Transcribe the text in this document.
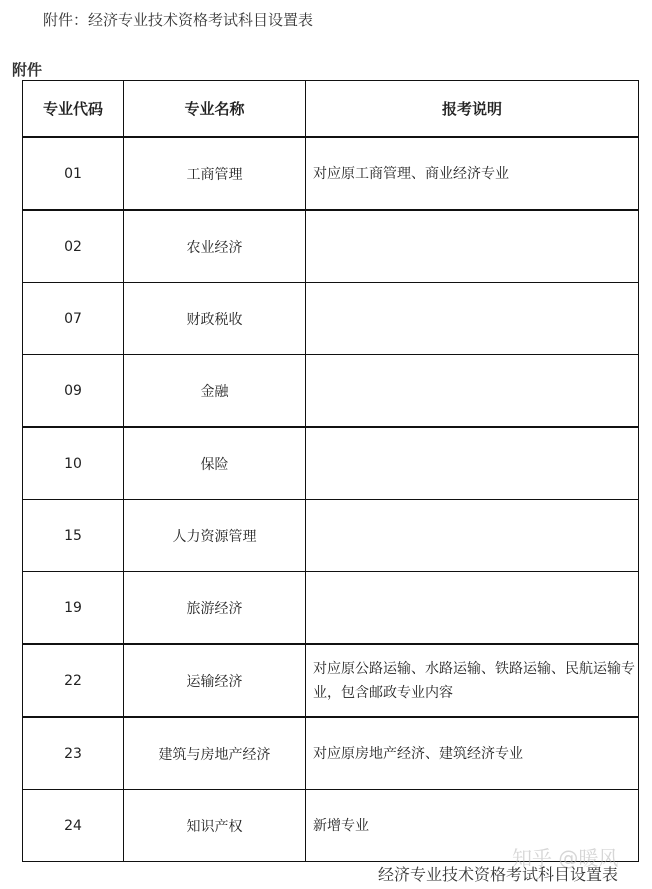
附件：经济专业技术资格考试科目设置表
附件
专业代码	专业名称	报考说明
01	工商管理	对应原工商管理、商业经济专业
02	农业经济	
07	财政税收	
09	金融	
10	保险	
15	人力资源管理	
19	旅游经济	
22	运输经济	对应原公路运输、水路运输、铁路运输、民航运输专业，包含邮政专业内容
23	建筑与房地产经济	对应原房地产经济、建筑经济专业
24	知识产权	新增专业
知乎 @暖风
经济专业技术资格考试科目设置表
